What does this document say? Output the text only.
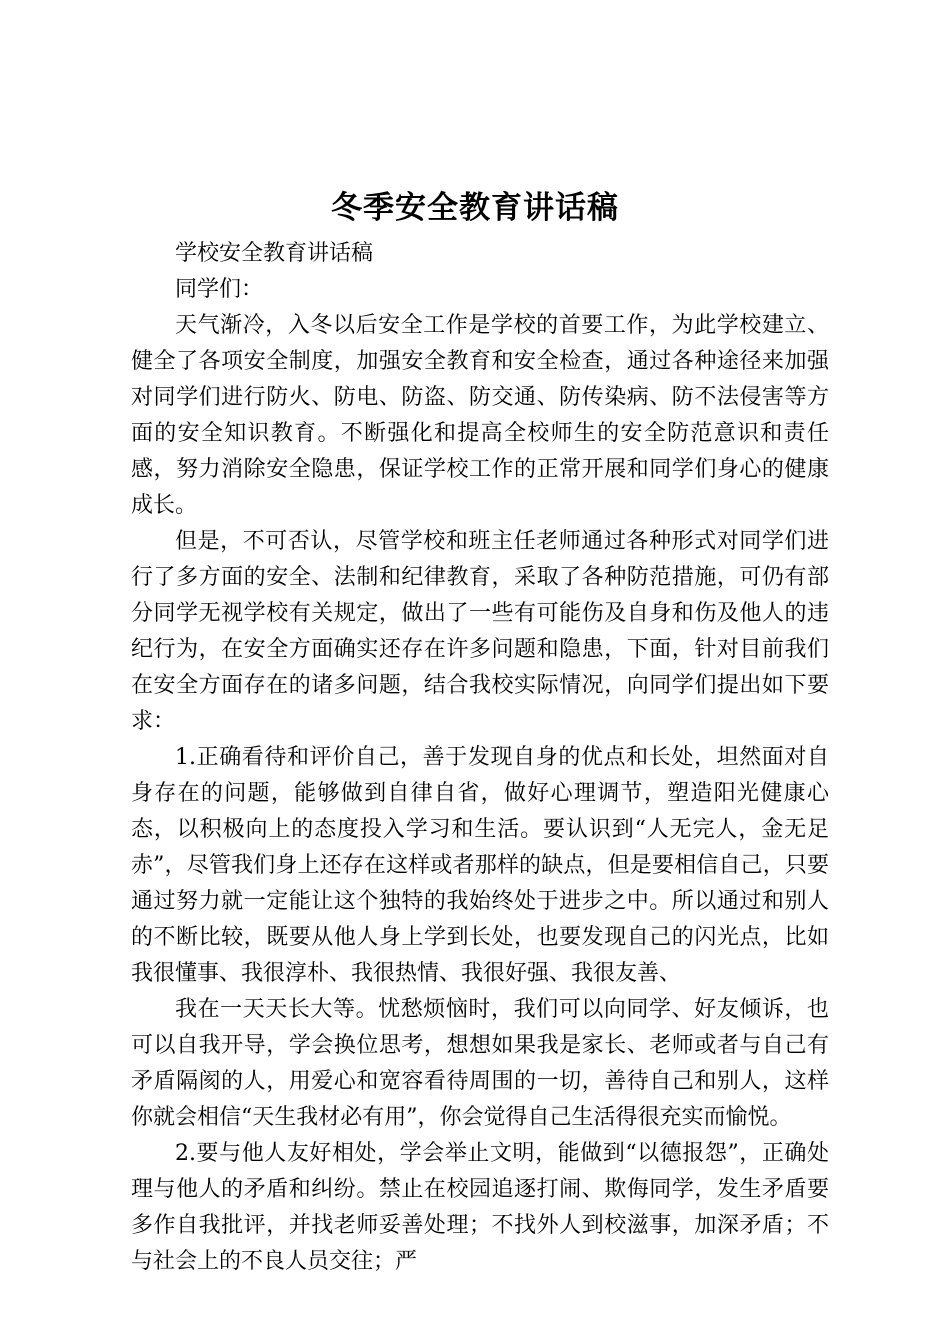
冬季安全教育讲话稿

学校安全教育讲话稿

同学们：

天气渐冷，入冬以后安全工作是学校的首要工作，为此学校建立、健全了各项安全制度，加强安全教育和安全检查，通过各种途径来加强对同学们进行防火、防电、防盗、防交通、防传染病、防不法侵害等方面的安全知识教育。不断强化和提高全校师生的安全防范意识和责任感，努力消除安全隐患，保证学校工作的正常开展和同学们身心的健康成长。

但是，不可否认，尽管学校和班主任老师通过各种形式对同学们进行了多方面的安全、法制和纪律教育，采取了各种防范措施，可仍有部分同学无视学校有关规定，做出了一些有可能伤及自身和伤及他人的违纪行为，在安全方面确实还存在许多问题和隐患，下面，针对目前我们在安全方面存在的诸多问题，结合我校实际情况，向同学们提出如下要求：

1.正确看待和评价自己，善于发现自身的优点和长处，坦然面对自身存在的问题，能够做到自律自省，做好心理调节，塑造阳光健康心态，以积极向上的态度投入学习和生活。要认识到“人无完人，金无足赤”，尽管我们身上还存在这样或者那样的缺点，但是要相信自己，只要通过努力就一定能让这个独特的我始终处于进步之中。所以通过和别人的不断比较，既要从他人身上学到长处，也要发现自己的闪光点，比如我很懂事、我很淳朴、我很热情、我很好强、我很友善、

我在一天天长大等。忧愁烦恼时，我们可以向同学、好友倾诉，也可以自我开导，学会换位思考，想想如果我是家长、老师或者与自己有矛盾隔阂的人，用爱心和宽容看待周围的一切，善待自己和别人，这样你就会相信“天生我材必有用”，你会觉得自己生活得很充实而愉悦。

2.要与他人友好相处，学会举止文明，能做到“以德报怨”，正确处理与他人的矛盾和纠纷。禁止在校园追逐打闹、欺侮同学，发生矛盾要多作自我批评，并找老师妥善处理；不找外人到校滋事，加深矛盾；不与社会上的不良人员交往；严
